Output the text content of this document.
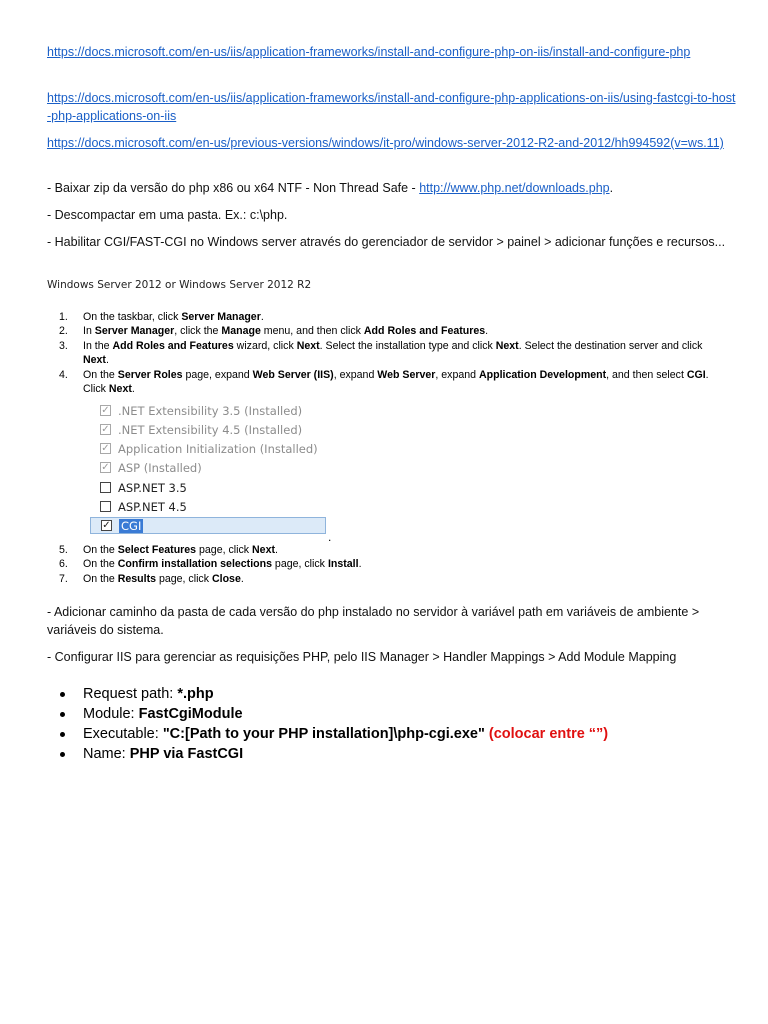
https://docs.microsoft.com/en-us/iis/application-frameworks/install-and-configure-php-on-iis/install-and-configure-php
https://docs.microsoft.com/en-us/iis/application-frameworks/install-and-configure-php-applications-on-iis/using-fastcgi-to-host-php-applications-on-iis
https://docs.microsoft.com/en-us/previous-versions/windows/it-pro/windows-server-2012-R2-and-2012/hh994592(v=ws.11)
- Baixar zip da versão do php x86 ou x64 NTF - Non Thread Safe - http://www.php.net/downloads.php.
- Descompactar em uma pasta. Ex.: c:\php.
- Habilitar CGI/FAST-CGI no Windows server através do gerenciador de servidor > painel > adicionar funções e recursos...
Windows Server 2012 or Windows Server 2012 R2
1. On the taskbar, click Server Manager.
2. In Server Manager, click the Manage menu, and then click Add Roles and Features.
3. In the Add Roles and Features wizard, click Next. Select the installation type and click Next. Select the destination server and click Next.
4. On the Server Roles page, expand Web Server (IIS), expand Web Server, expand Application Development, and then select CGI. Click Next.
✓ .NET Extensibility 3.5 (Installed)
✓ .NET Extensibility 4.5 (Installed)
✓ Application Initialization (Installed)
✓ ASP (Installed)
ASP.NET 3.5
ASP.NET 4.5
✓ CGI
.
5. On the Select Features page, click Next.
6. On the Confirm installation selections page, click Install.
7. On the Results page, click Close.
- Adicionar caminho da pasta de cada versão do php instalado no servidor à variável path em variáveis de ambiente > variáveis do sistema.
- Configurar IIS para gerenciar as requisições PHP, pelo IIS Manager > Handler Mappings > Add Module Mapping
Request path: *.php
Module: FastCgiModule
Executable: "C:[Path to your PHP installation]\php-cgi.exe" (colocar entre “”)
Name: PHP via FastCGI
